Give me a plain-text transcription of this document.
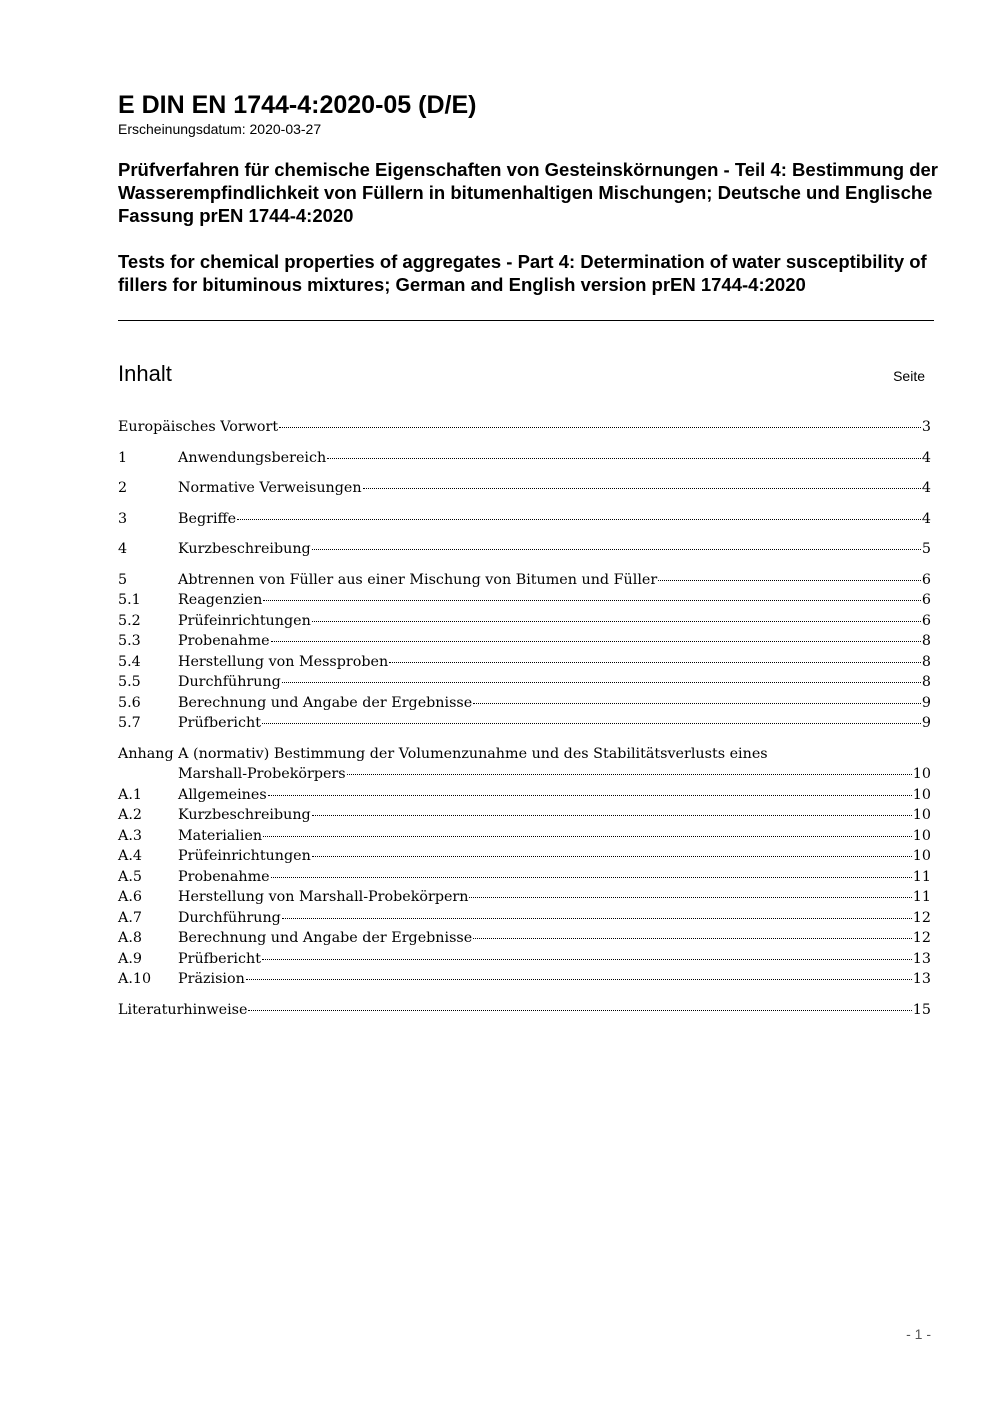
E DIN EN 1744-4:2020-05 (D/E)
Erscheinungsdatum: 2020-03-27
Prüfverfahren für chemische Eigenschaften von Gesteinskörnungen - Teil 4: Bestimmung der Wasserempfindlichkeit von Füllern in bitumenhaltigen Mischungen; Deutsche und Englische Fassung prEN 1744-4:2020
Tests for chemical properties of aggregates - Part 4: Determination of water susceptibility of fillers for bituminous mixtures; German and English version prEN 1744-4:2020
Inhalt	Seite
Europäisches Vorwort	3
1	Anwendungsbereich	4
2	Normative Verweisungen	4
3	Begriffe	4
4	Kurzbeschreibung	5
5	Abtrennen von Füller aus einer Mischung von Bitumen und Füller	6
5.1	Reagenzien	6
5.2	Prüfeinrichtungen	6
5.3	Probenahme	8
5.4	Herstellung von Messproben	8
5.5	Durchführung	8
5.6	Berechnung und Angabe der Ergebnisse	9
5.7	Prüfbericht	9
Anhang A (normativ) Bestimmung der Volumenzunahme und des Stabilitätsverlusts eines
Marshall-Probekörpers	10
A.1	Allgemeines	10
A.2	Kurzbeschreibung	10
A.3	Materialien	10
A.4	Prüfeinrichtungen	10
A.5	Probenahme	11
A.6	Herstellung von Marshall-Probekörpern	11
A.7	Durchführung	12
A.8	Berechnung und Angabe der Ergebnisse	12
A.9	Prüfbericht	13
A.10	Präzision	13
Literaturhinweise	15
- 1 -
